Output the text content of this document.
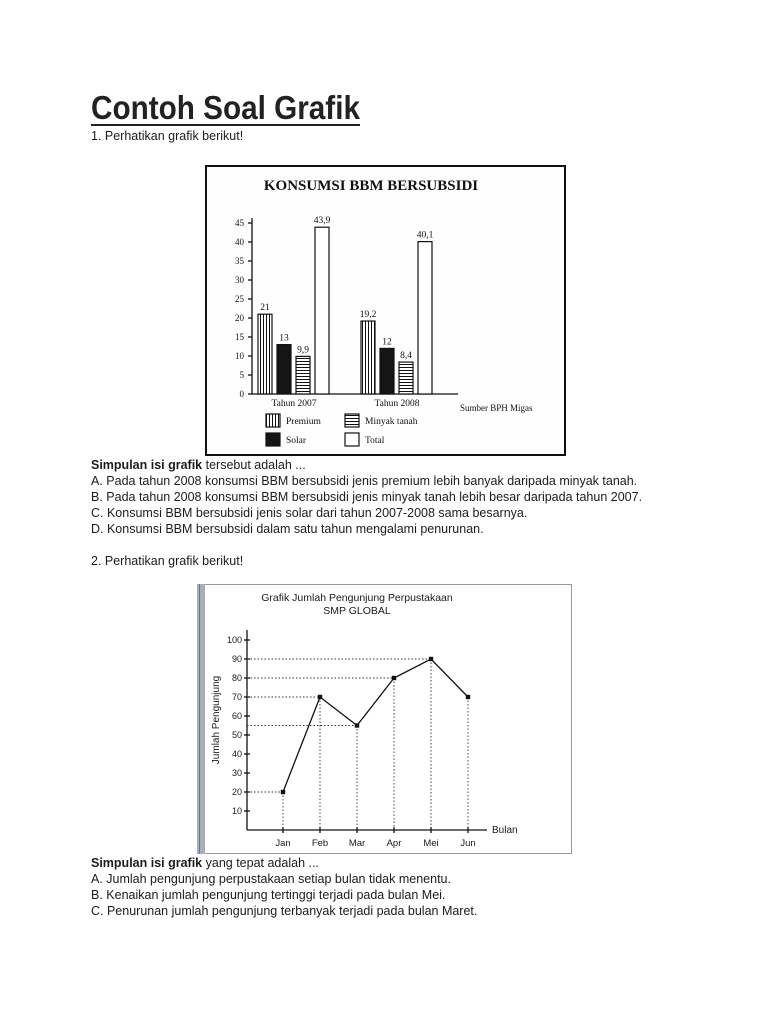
Contoh Soal Grafik

1. Perhatikan grafik berikut!

KONSUMSI BBM BERSUBSIDI
Sumber BPH Migas
0
5
10
15
20
25
30
35
40
45
21
13
9,9
43,9
Tahun 2007
19,2
12
8,4
40,1
Tahun 2008
Premium
Solar
Minyak tanah
Total
Simpulan isi grafik tersebut adalah ...
A. Pada tahun 2008 konsumsi BBM bersubsidi jenis premium lebih banyak daripada minyak tanah.
B. Pada tahun 2008 konsumsi BBM bersubsidi jenis minyak tanah lebih besar daripada tahun 2007.
C. Konsumsi BBM bersubsidi jenis solar dari tahun 2007-2008 sama besarnya.
D. Konsumsi BBM bersubsidi dalam satu tahun mengalami penurunan.

2. Perhatikan grafik berikut!

Grafik Jumlah Pengunjung Perpustakaan
SMP GLOBAL
Jumlah Pengunjung
Bulan
10
20
30
40
50
60
70
80
90
100
Jan Feb Mar Apr Mei Jun
Simpulan isi grafik yang tepat adalah ...
A. Jumlah pengunjung perpustakaan setiap bulan tidak menentu.
B. Kenaikan jumlah pengunjung tertinggi terjadi pada bulan Mei.
C. Penurunan jumlah pengunjung terbanyak terjadi pada bulan Maret.
